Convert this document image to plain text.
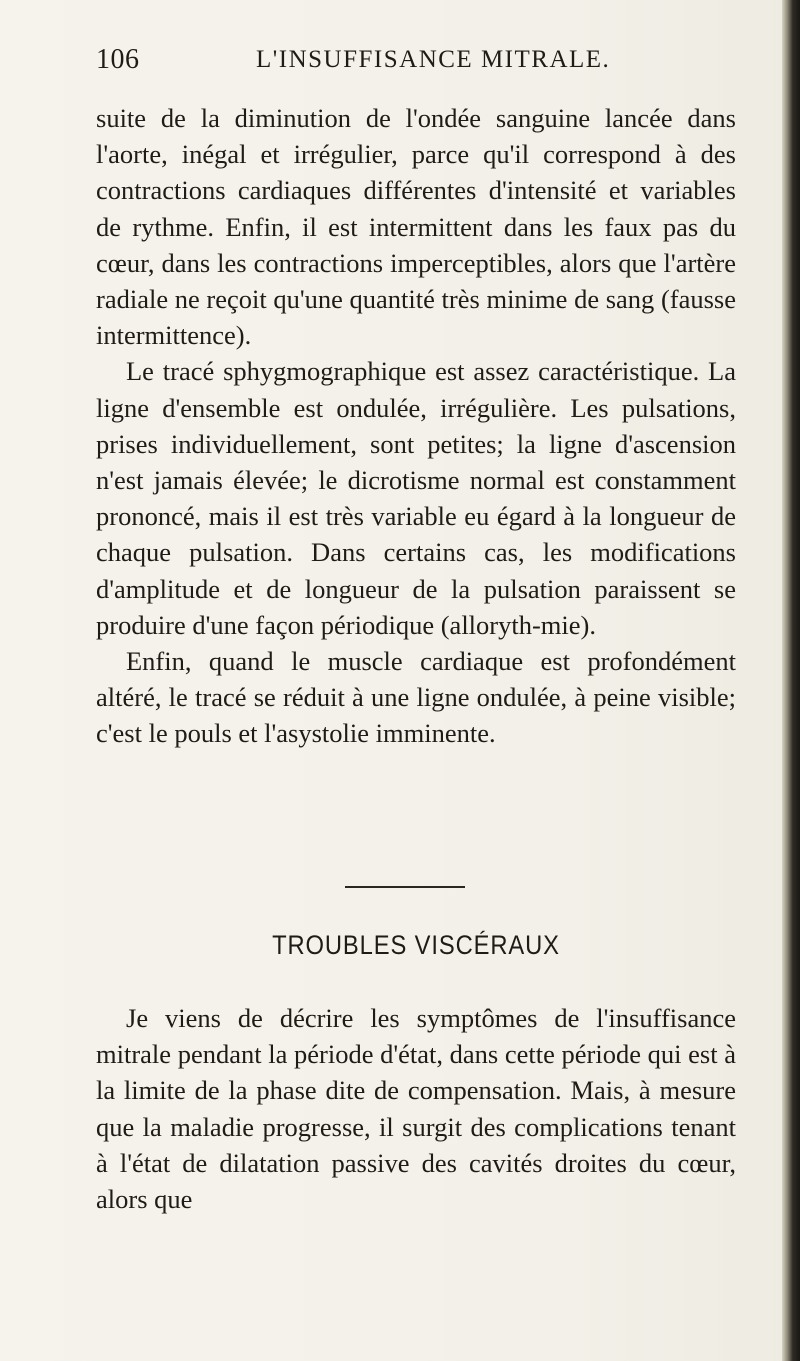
106	L'INSUFFISANCE MITRALE.

suite de la diminution de l'ondée sanguine lancée dans l'aorte, inégal et irrégulier, parce qu'il correspond à des contractions cardiaques différentes d'intensité et variables de rythme. Enfin, il est intermittent dans les faux pas du cœur, dans les contractions imperceptibles, alors que l'artère radiale ne reçoit qu'une quantité très minime de sang (fausse intermittence).

Le tracé sphygmographique est assez caractéristique. La ligne d'ensemble est ondulée, irrégulière. Les pulsations, prises individuellement, sont petites; la ligne d'ascension n'est jamais élevée; le dicrotisme normal est constamment prononcé, mais il est très variable eu égard à la longueur de chaque pulsation. Dans certains cas, les modifications d'amplitude et de longueur de la pulsation paraissent se produire d'une façon périodique (alloryth-mie).

Enfin, quand le muscle cardiaque est profondément altéré, le tracé se réduit à une ligne ondulée, à peine visible; c'est le pouls et l'asystolie imminente.

TROUBLES VISCÉRAUX

Je viens de décrire les symptômes de l'insuffisance mitrale pendant la période d'état, dans cette période qui est à la limite de la phase dite de compensation. Mais, à mesure que la maladie progresse, il surgit des complications tenant à l'état de dilatation passive des cavités droites du cœur, alors que
